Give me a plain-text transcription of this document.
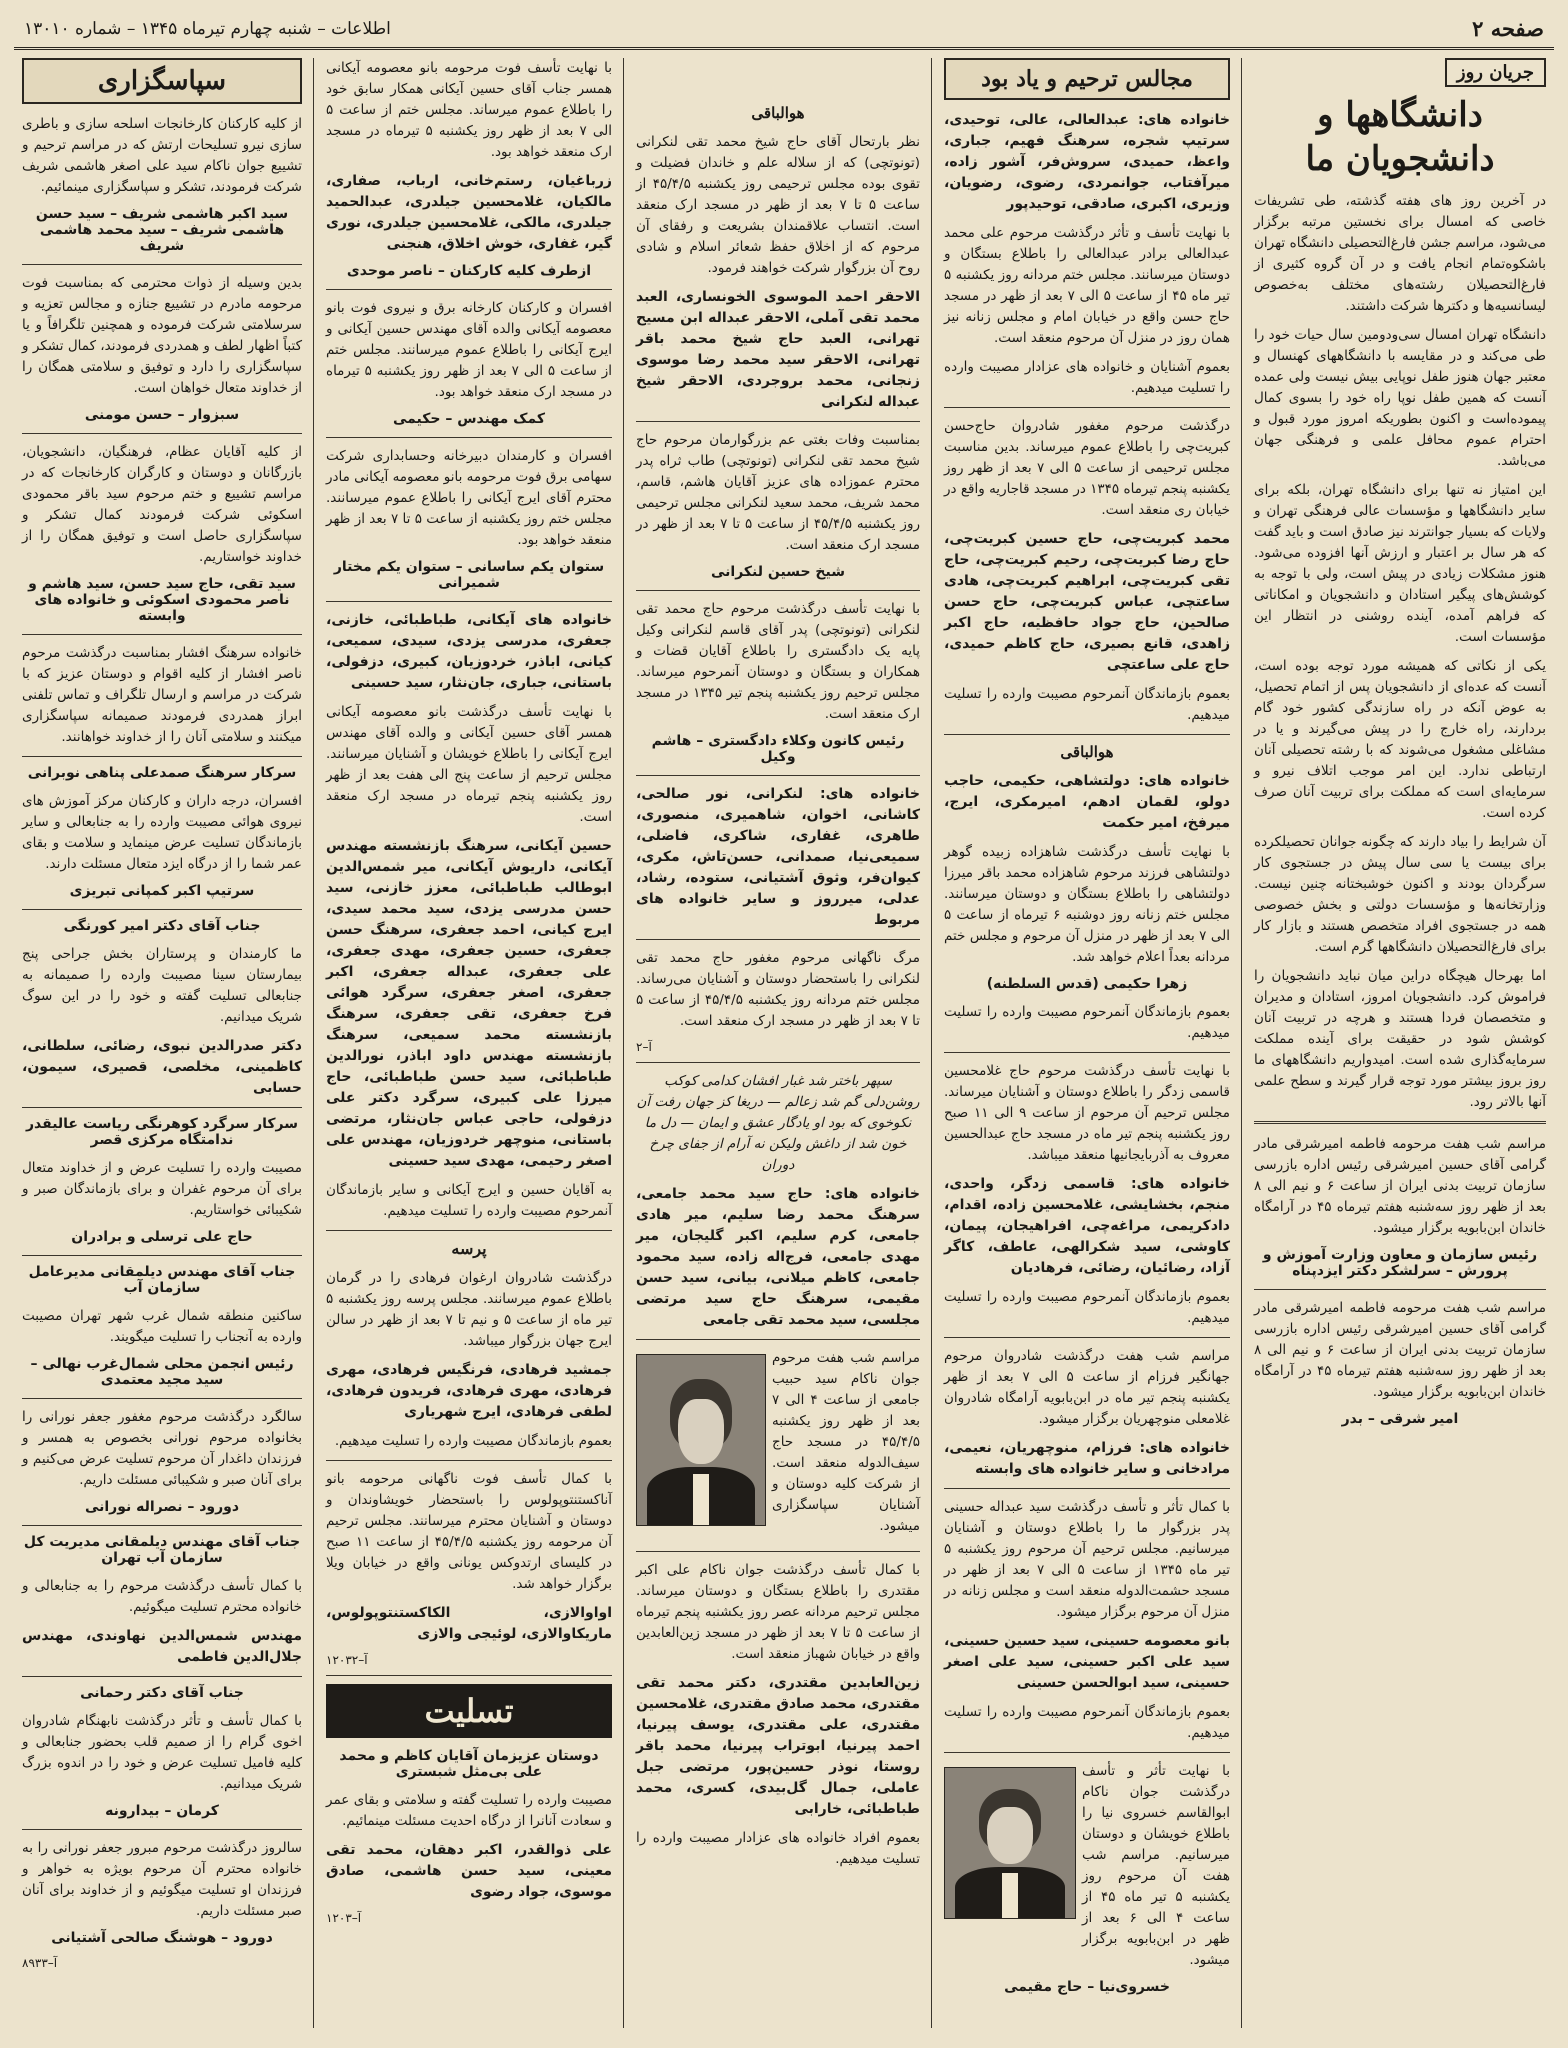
صفحه ۲
اطلاعات – شنبه چهارم تیرماه ۱۳۴۵ – شماره ۱۳۰۱۰
جریان روز
دانشگاهها و دانشجویان ما

در آخرین روز های هفته گذشته، طی تشریفات خاصی که امسال برای نخستین مرتبه برگزار می‌شود، مراسم جشن فارغ‌التحصیلی دانشگاه تهران باشکوه‌تمام انجام یافت و در آن گروه کثیری از فارغ‌التحصیلان رشته‌های مختلف به‌خصوص لیسانسیه‌ها و دکترها شرکت داشتند.

دانشگاه تهران امسال سی‌ودومین سال حیات خود را طی می‌کند و در مقایسه با دانشگاههای کهنسال و معتبر جهان هنوز طفل نوپایی بیش نیست ولی عمده آنست که همین طفل نوپا راه خود را بسوی کمال پیموده‌است و اکنون بطوریکه امروز مورد قبول و احترام عموم محافل علمی و فرهنگی جهان می‌باشد.

این امتیاز نه تنها برای دانشگاه تهران، بلکه برای سایر دانشگاهها و مؤسسات عالی فرهنگی تهران و ولایات که بسیار جوانترند نیز صادق است و باید گفت که هر سال بر اعتبار و ارزش آنها افزوده می‌شود. هنوز مشکلات زیادی در پیش است، ولی با توجه به کوشش‌های پیگیر استادان و دانشجویان و امکاناتی که فراهم آمده، آینده روشنی در انتظار این مؤسسات است.

یکی از نکاتی که همیشه مورد توجه بوده است، آنست که عده‌ای از دانشجویان پس از اتمام تحصیل، به عوض آنکه در راه سازندگی کشور خود گام بردارند، راه خارج را در پیش می‌گیرند و یا در مشاغلی مشغول می‌شوند که با رشته تحصیلی آنان ارتباطی ندارد. این امر موجب اتلاف نیرو و سرمایه‌ای است که مملکت برای تربیت آنان صرف کرده است.

آن شرایط را بیاد دارند که چگونه جوانان تحصیلکرده برای بیست یا سی سال پیش در جستجوی کار سرگردان بودند و اکنون خوشبختانه چنین نیست. وزارتخانه‌ها و مؤسسات دولتی و بخش خصوصی همه در جستجوی افراد متخصص هستند و بازار کار برای فارغ‌التحصیلان دانشگاهها گرم است.

اما بهرحال هیچگاه دراین میان نباید دانشجویان را فراموش کرد. دانشجویان امروز، استادان و مدیران و متخصصان فردا هستند و هرچه در تربیت آنان کوشش شود در حقیقت برای آینده مملکت سرمایه‌گذاری شده است. امیدواریم دانشگاههای ما روز بروز بیشتر مورد توجه قرار گیرند و سطح علمی آنها بالاتر رود.

مراسم شب هفت مرحومه فاطمه امیرشرقی مادر گرامی آقای حسین امیرشرقی رئیس اداره بازرسی سازمان تربیت بدنی ایران از ساعت ۶ و نیم الی ۸ بعد از ظهر روز سه‌شنبه هفتم تیرماه ۴۵ در آرامگاه خاندان ابن‌بابویه برگزار میشود.

رئیس سازمان و معاون وزارت آموزش و پرورش – سرلشکر دکتر ایزدپناه

مراسم شب هفت مرحومه فاطمه امیرشرقی مادر گرامی آقای حسین امیرشرقی رئیس اداره بازرسی سازمان تربیت بدنی ایران از ساعت ۶ و نیم الی ۸ بعد از ظهر روز سه‌شنبه هفتم تیرماه ۴۵ در آرامگاه خاندان ابن‌بابویه برگزار میشود.

امیر شرقی – بدر
مجالس ترحیم و یاد بود
خانواده های: عبدالعالی، عالی، توحیدی، سرتیپ شجره، سرهنگ فهیم، جباری، واعظ، حمیدی، سروش‌فر، آشور زاده، میرآفتاب، جوانمردی، رضوی، رضویان، وزیری، اکبری، صادقی، توحیدپور

با نهایت تأسف و تأثر درگذشت مرحوم علی محمد عبدالعالی برادر عبدالعالی را باطلاع بستگان و دوستان میرسانند. مجلس ختم مردانه روز یکشنبه ۵ تیر ماه ۴۵ از ساعت ۵ الی ۷ بعد از ظهر در مسجد حاج حسن واقع در خیابان امام و مجلس زنانه نیز همان روز در منزل آن مرحوم منعقد است.

بعموم آشنایان و خانواده های عزادار مصیبت وارده را تسلیت میدهیم.

درگذشت مرحوم مغفور شادروان حاج‌حسن کبریت‌چی را باطلاع عموم میرساند. بدین مناسبت مجلس ترحیمی از ساعت ۵ الی ۷ بعد از ظهر روز یکشنبه پنجم تیرماه ۱۳۴۵ در مسجد قاجاریه واقع در خیابان ری منعقد است.

محمد کبریت‌چی، حاج حسین کبریت‌چی، حاج رضا کبریت‌چی، رحیم کبریت‌چی، حاج تقی کبریت‌چی، ابراهیم کبریت‌چی، هادی ساعتچی، عباس کبریت‌چی، حاج حسن صالحین، حاج جواد حافظیه، حاج اکبر زاهدی، قانع بصیری، حاج کاظم حمیدی، حاج علی ساعتچی

بعموم بازماندگان آنمرحوم مصیبت وارده را تسلیت میدهیم.

هوالباقی
خانواده های: دولتشاهی، حکیمی، حاجب دولو، لقمان ادهم، امیرمکری، ایرج، میرفخ، امیر حکمت

با نهایت تأسف درگذشت شاهزاده زبیده گوهر دولتشاهی فرزند مرحوم شاهزاده محمد باقر میرزا دولتشاهی را باطلاع بستگان و دوستان میرسانند. مجلس ختم زنانه روز دوشنبه ۶ تیرماه از ساعت ۵ الی ۷ بعد از ظهر در منزل آن مرحوم و مجلس ختم مردانه بعداً اعلام خواهد شد.

زهرا حکیمی (قدس السلطنه)

بعموم بازماندگان آنمرحوم مصیبت وارده را تسلیت میدهیم.

با نهایت تأسف درگذشت مرحوم حاج غلامحسین قاسمی زدگر را باطلاع دوستان و آشنایان میرساند. مجلس ترحیم آن مرحوم از ساعت ۹ الی ۱۱ صبح روز یکشنبه پنجم تیر ماه در مسجد حاج عبدالحسین معروف به آذربایجانیها منعقد میباشد.

خانواده های: قاسمی زدگر، واحدی، منجم، بخشایشی، غلامحسین زاده، اقدام، دادکریمی، مراغه‌چی، افراهیجان، پیمان، کاوشی، سید شکرالهی، عاطف، کاگر آزاد، رضائیان، رضائی، فرهادیان

بعموم بازماندگان آنمرحوم مصیبت وارده را تسلیت میدهیم.

مراسم شب هفت درگذشت شادروان مرحوم جهانگیر فرزام از ساعت ۵ الی ۷ بعد از ظهر یکشنبه پنجم تیر ماه در ابن‌بابویه آرامگاه شادروان غلامعلی منوچهریان برگزار میشود.

خانواده های: فرزام، منوچهریان، نعیمی، مرادخانی و سایر خانواده های وابسته

با کمال تأثر و تأسف درگذشت سید عبداله حسینی پدر بزرگوار ما را باطلاع دوستان و آشنایان میرسانیم. مجلس ترحیم آن مرحوم روز یکشنبه ۵ تیر ماه ۱۳۴۵ از ساعت ۵ الی ۷ بعد از ظهر در مسجد حشمت‌الدوله منعقد است و مجلس زنانه در منزل آن مرحوم برگزار میشود.

بانو معصومه حسینی، سید حسین حسینی، سید علی اکبر حسینی، سید علی اصغر حسینی، سید ابوالحسن حسینی

بعموم بازماندگان آنمرحوم مصیبت وارده را تسلیت میدهیم.

با نهایت تأثر و تأسف درگذشت جوان ناکام ابوالقاسم خسروی نیا را باطلاع خویشان و دوستان میرسانیم. مراسم شب هفت آن مرحوم روز یکشنبه ۵ تیر ماه ۴۵ از ساعت ۴ الی ۶ بعد از ظهر در ابن‌بابویه برگزار میشود.

خسروی‌نیا – حاج مقیمی
هوالباقی

نظر بارتحال آقای حاج شیخ محمد تقی لنکرانی (تونوتچی) که از سلاله علم و خاندان فضیلت و تقوی بوده مجلس ترحیمی روز یکشنبه ۴۵/۴/۵ از ساعت ۵ تا ۷ بعد از ظهر در مسجد ارک منعقد است. انتساب علاقمندان بشریعت و رفقای آن مرحوم که از اخلاق حفظ شعائر اسلام و شادی روح آن بزرگوار شرکت خواهند فرمود.

الاحقر احمد الموسوی الخونساری، العبد محمد تقی آملی، الاحقر عبداله ابن مسیح تهرانی، العبد حاج شیخ محمد باقر تهرانی، الاحقر سید محمد رضا موسوی زنجانی، محمد بروجردی، الاحقر شیخ عبداله لنکرانی

بمناسبت وفات بغتی عم بزرگوارمان مرحوم حاج شیخ محمد تقی لنکرانی (تونوتچی) طاب ثراه پدر محترم عموزاده های عزیز آقایان هاشم، قاسم، محمد شریف، محمد سعید لنکرانی مجلس ترحیمی روز یکشنبه ۴۵/۴/۵ از ساعت ۵ تا ۷ بعد از ظهر در مسجد ارک منعقد است.

شیخ حسین لنکرانی

با نهایت تأسف درگذشت مرحوم حاج محمد تقی لنکرانی (تونوتچی) پدر آقای قاسم لنکرانی وکیل پایه یک دادگستری را باطلاع آقایان قضات و همکاران و بستگان و دوستان آنمرحوم میرساند. مجلس ترحیم روز یکشنبه پنجم تیر ۱۳۴۵ در مسجد ارک منعقد است.

رئیس کانون وکلاء دادگستری – هاشم وکیل
خانواده های: لنکرانی، نور صالحی، کاشانی، اخوان، شاهمیری، منصوری، طاهری، غفاری، شاکری، فاضلی، سمیعی‌نیا، صمدانی، حسن‌تاش، مکری، کیوان‌فر، وثوق آشتیانی، ستوده، رشاد، عدلی، میرروز و سایر خانواده های مربوط

مرگ ناگهانی مرحوم مغفور حاج محمد تقی لنکرانی را باستحضار دوستان و آشنایان می‌رساند. مجلس ختم مردانه روز یکشنبه ۴۵/۴/۵ از ساعت ۵ تا ۷ بعد از ظهر در مسجد ارک منعقد است.

آ–۲

سپهر باختر شد غبار افشان کدامی کوکب روشن‌دلی گم شد زعالم — دریغا کز جهان رفت آن نکوخوی که بود او یادگار عشق و ایمان — دل ما خون شد از داغش ولیکن نه آرام از جفای چرخ دوران

خانواده های: حاج سید محمد جامعی، سرهنگ محمد رضا سلیم، میر هادی جامعی، کرم سلیم، اکبر گلیجان، میر مهدی جامعی، فرج‌اله زاده، سید محمود جامعی، کاظم میلانی، بیانی، سید حسن مقیمی، سرهنگ حاج سید مرتضی مجلسی، سید محمد تقی جامعی

مراسم شب هفت مرحوم جوان ناکام سید حبیب جامعی از ساعت ۴ الی ۷ بعد از ظهر روز یکشنبه ۴۵/۴/۵ در مسجد حاج سیف‌الدوله منعقد است. از شرکت کلیه دوستان و آشنایان سپاسگزاری میشود.

با کمال تأسف درگذشت جوان ناکام علی اکبر مقتدری را باطلاع بستگان و دوستان میرساند. مجلس ترحیم مردانه عصر روز یکشنبه پنجم تیرماه از ساعت ۵ تا ۷ بعد از ظهر در مسجد زین‌العابدین واقع در خیابان شهباز منعقد است.

زین‌العابدین مقتدری، دکتر محمد تقی مقتدری، محمد صادق مقتدری، غلامحسین مقتدری، علی مقتدری، یوسف پیرنیا، احمد پیرنیا، ابوتراب پیرنیا، محمد باقر روستا، نوذر حسین‌پور، مرتضی جبل عاملی، جمال گل‌بیدی، کسری، محمد طباطبائی، خارابی

بعموم افراد خانواده های عزادار مصیبت وارده را تسلیت میدهیم.

با نهایت تأسف فوت مرحومه بانو معصومه آیکانی همسر جناب آقای حسین آیکانی همکار سابق خود را باطلاع عموم میرساند. مجلس ختم از ساعت ۵ الی ۷ بعد از ظهر روز یکشنبه ۵ تیرماه در مسجد ارک منعقد خواهد بود.

زرباغیان، رستم‌خانی، ارباب، صفاری، مالکیان، غلامحسین جیلدری، عبدالحمید جیلدری، مالکی، غلامحسین جیلدری، نوری گیر، غفاری، خوش اخلاق، هنجنی
ازطرف کلیه کارکنان – ناصر موحدی

افسران و کارکنان کارخانه برق و نیروی فوت بانو معصومه آیکانی والده آقای مهندس حسین آیکانی و ایرج آیکانی را باطلاع عموم میرسانند. مجلس ختم از ساعت ۵ الی ۷ بعد از ظهر روز یکشنبه ۵ تیرماه در مسجد ارک منعقد خواهد بود.

کمک مهندس – حکیمی

افسران و کارمندان دبیرخانه وحسابداری شرکت سهامی برق فوت مرحومه بانو معصومه آیکانی مادر محترم آقای ایرج آیکانی را باطلاع عموم میرسانند. مجلس ختم روز یکشنبه از ساعت ۵ تا ۷ بعد از ظهر منعقد خواهد بود.

ستوان یکم ساسانی – ستوان یکم مختار شمیرانی
خانواده های آیکانی، طباطبائی، خازنی، جعفری، مدرسی یزدی، سیدی، سمیعی، کیانی، اباذر، خردوزیان، کبیری، دزفولی، باستانی، جباری، جان‌نثار، سید حسینی

با نهایت تأسف درگذشت بانو معصومه آیکانی همسر آقای حسین آیکانی و والده آقای مهندس ایرج آیکانی را باطلاع خویشان و آشنایان میرسانند. مجلس ترحیم از ساعت پنج الی هفت بعد از ظهر روز یکشنبه پنجم تیرماه در مسجد ارک منعقد است.

حسین آیکانی، سرهنگ بازنشسته مهندس آیکانی، داریوش آیکانی، میر شمس‌الدین ابوطالب طباطبائی، معزز خازنی، سید حسن مدرسی یزدی، سید محمد سیدی، ایرج کیانی، احمد جعفری، سرهنگ حسن جعفری، حسین جعفری، مهدی جعفری، علی جعفری، عبداله جعفری، اکبر جعفری، اصغر جعفری، سرگرد هوائی فرخ جعفری، تقی جعفری، سرهنگ بازنشسته محمد سمیعی، سرهنگ بازنشسته مهندس داود اباذر، نورالدین طباطبائی، سید حسن طباطبائی، حاج میرزا علی کبیری، سرگرد دکتر علی دزفولی، حاجی عباس جان‌نثار، مرتضی باستانی، منوچهر خردوزیان، مهندس علی اصغر رحیمی، مهدی سید حسینی

به آقایان حسین و ایرج آیکانی و سایر بازماندگان آنمرحوم مصیبت وارده را تسلیت میدهیم.

پرسه

درگذشت شادروان ارغوان فرهادی را در گرمان باطلاع عموم میرسانند. مجلس پرسه روز یکشنبه ۵ تیر ماه از ساعت ۵ و نیم تا ۷ بعد از ظهر در سالن ایرج جهان بزرگوار میباشد.

جمشید فرهادی، فرنگیس فرهادی، مهری فرهادی، مهری فرهادی، فریدون فرهادی، لطفی فرهادی، ایرج شهریاری

بعموم بازماندگان مصیبت وارده را تسلیت میدهیم.

با کمال تأسف فوت ناگهانی مرحومه بانو آناکستنتوپولوس را باستحضار خویشاوندان و دوستان و آشنایان محترم میرسانند. مجلس ترحیم آن مرحومه روز یکشنبه ۴۵/۴/۵ از ساعت ۱۱ صبح در کلیسای ارتدوکس یونانی واقع در خیابان ویلا برگزار خواهد شد.

اواوالازی، الکاکستنتوپولوس، ماریکاوالازی، لوئیجی والازی
آ–۱۲۰۳۲
تسلیت
دوستان عزیزمان آقایان کاظم و محمد علی بی‌مثل شبستری

مصیبت وارده را تسلیت گفته و سلامتی و بقای عمر و سعادت آنانرا از درگاه احدیت مسئلت مینمائیم.

علی ذوالقدر، اکبر دهقان، محمد تقی معینی، سید حسن هاشمی، صادق موسوی، جواد رضوی
آ–۱۲۰۳
سپاسگزاری

از کلیه کارکنان کارخانجات اسلحه سازی و باطری سازی نیرو تسلیحات ارتش که در مراسم ترحیم و تشییع جوان ناکام سید علی اصغر هاشمی شریف شرکت فرمودند، تشکر و سپاسگزاری مینمائیم.

سید اکبر هاشمی شریف – سید حسن هاشمی شریف – سید محمد هاشمی شریف

بدین وسیله از ذوات محترمی که بمناسبت فوت مرحومه مادرم در تشییع جنازه و مجالس تعزیه و سرسلامتی شرکت فرموده و همچنین تلگرافاً و یا کتباً اظهار لطف و همدردی فرمودند، کمال تشکر و سپاسگزاری را دارد و توفیق و سلامتی همگان را از خداوند متعال خواهان است.

سبزوار – حسن مومنی

از کلیه آقایان عظام، فرهنگیان، دانشجویان، بازرگانان و دوستان و کارگران کارخانجات که در مراسم تشییع و ختم مرحوم سید باقر محمودی اسکوئی شرکت فرمودند کمال تشکر و سپاسگزاری حاصل است و توفیق همگان را از خداوند خواستاریم.

سید تقی، حاج سید حسن، سید هاشم و ناصر محمودی اسکوئی و خانواده های وابسته

خانواده سرهنگ افشار بمناسبت درگذشت مرحوم ناصر افشار از کلیه اقوام و دوستان عزیز که با شرکت در مراسم و ارسال تلگراف و تماس تلفنی ابراز همدردی فرمودند صمیمانه سپاسگزاری میکنند و سلامتی آنان را از خداوند خواهانند.

سرکار سرهنگ صمدعلی پناهی نوبرانی

افسران، درجه داران و کارکنان مرکز آموزش های نیروی هوائی مصیبت وارده را به جنابعالی و سایر بازماندگان تسلیت عرض مینماید و سلامت و بقای عمر شما را از درگاه ایزد متعال مسئلت دارند.

سرتیپ اکبر کمپانی تبریزی
جناب آقای دکتر امیر کورنگی

ما کارمندان و پرستاران بخش جراحی پنج بیمارستان سینا مصیبت وارده را صمیمانه به جنابعالی تسلیت گفته و خود را در این سوگ شریک میدانیم.

دکتر صدرالدین نبوی، رضائی، سلطانی، کاظمینی، مخلصی، قصیری، سیمون، حسابی
سرکار سرگرد کوهرنگی ریاست عالیقدر ندامتگاه مرکزی قصر

مصیبت وارده را تسلیت عرض و از خداوند متعال برای آن مرحوم غفران و برای بازماندگان صبر و شکیبائی خواستاریم.

حاج علی ترسلی و برادران
جناب آقای مهندس دیلمقانی مدیرعامل سازمان آب

ساکنین منطقه شمال غرب شهر تهران مصیبت وارده به آنجناب را تسلیت میگویند.

رئیس انجمن محلی شمال‌غرب نهالی – سید مجید معتمدی

سالگرد درگذشت مرحوم مغفور جعفر نورانی را بخانواده مرحوم نورانی بخصوص به همسر و فرزندان داغدار آن مرحوم تسلیت عرض می‌کنیم و برای آنان صبر و شکیبائی مسئلت داریم.

دورود – نصراله نورانی
جناب آقای مهندس دیلمقانی مدیریت کل سازمان آب تهران

با کمال تأسف درگذشت مرحوم را به جنابعالی و خانواده محترم تسلیت میگوئیم.

مهندس شمس‌الدین نهاوندی، مهندس جلال‌الدین فاطمی
جناب آقای دکتر رحمانی

با کمال تأسف و تأثر درگذشت نابهنگام شادروان اخوی گرام را از صمیم قلب بحضور جنابعالی و کلیه فامیل تسلیت عرض و خود را در اندوه بزرگ شریک میدانیم.

کرمان – بیدارونه

سالروز درگذشت مرحوم مبرور جعفر نورانی را به خانواده محترم آن مرحوم بویژه به خواهر و فرزندان او تسلیت میگوئیم و از خداوند برای آنان صبر مسئلت داریم.

دورود – هوشنگ صالحی آشتیانی
آ–۸۹۳۳
